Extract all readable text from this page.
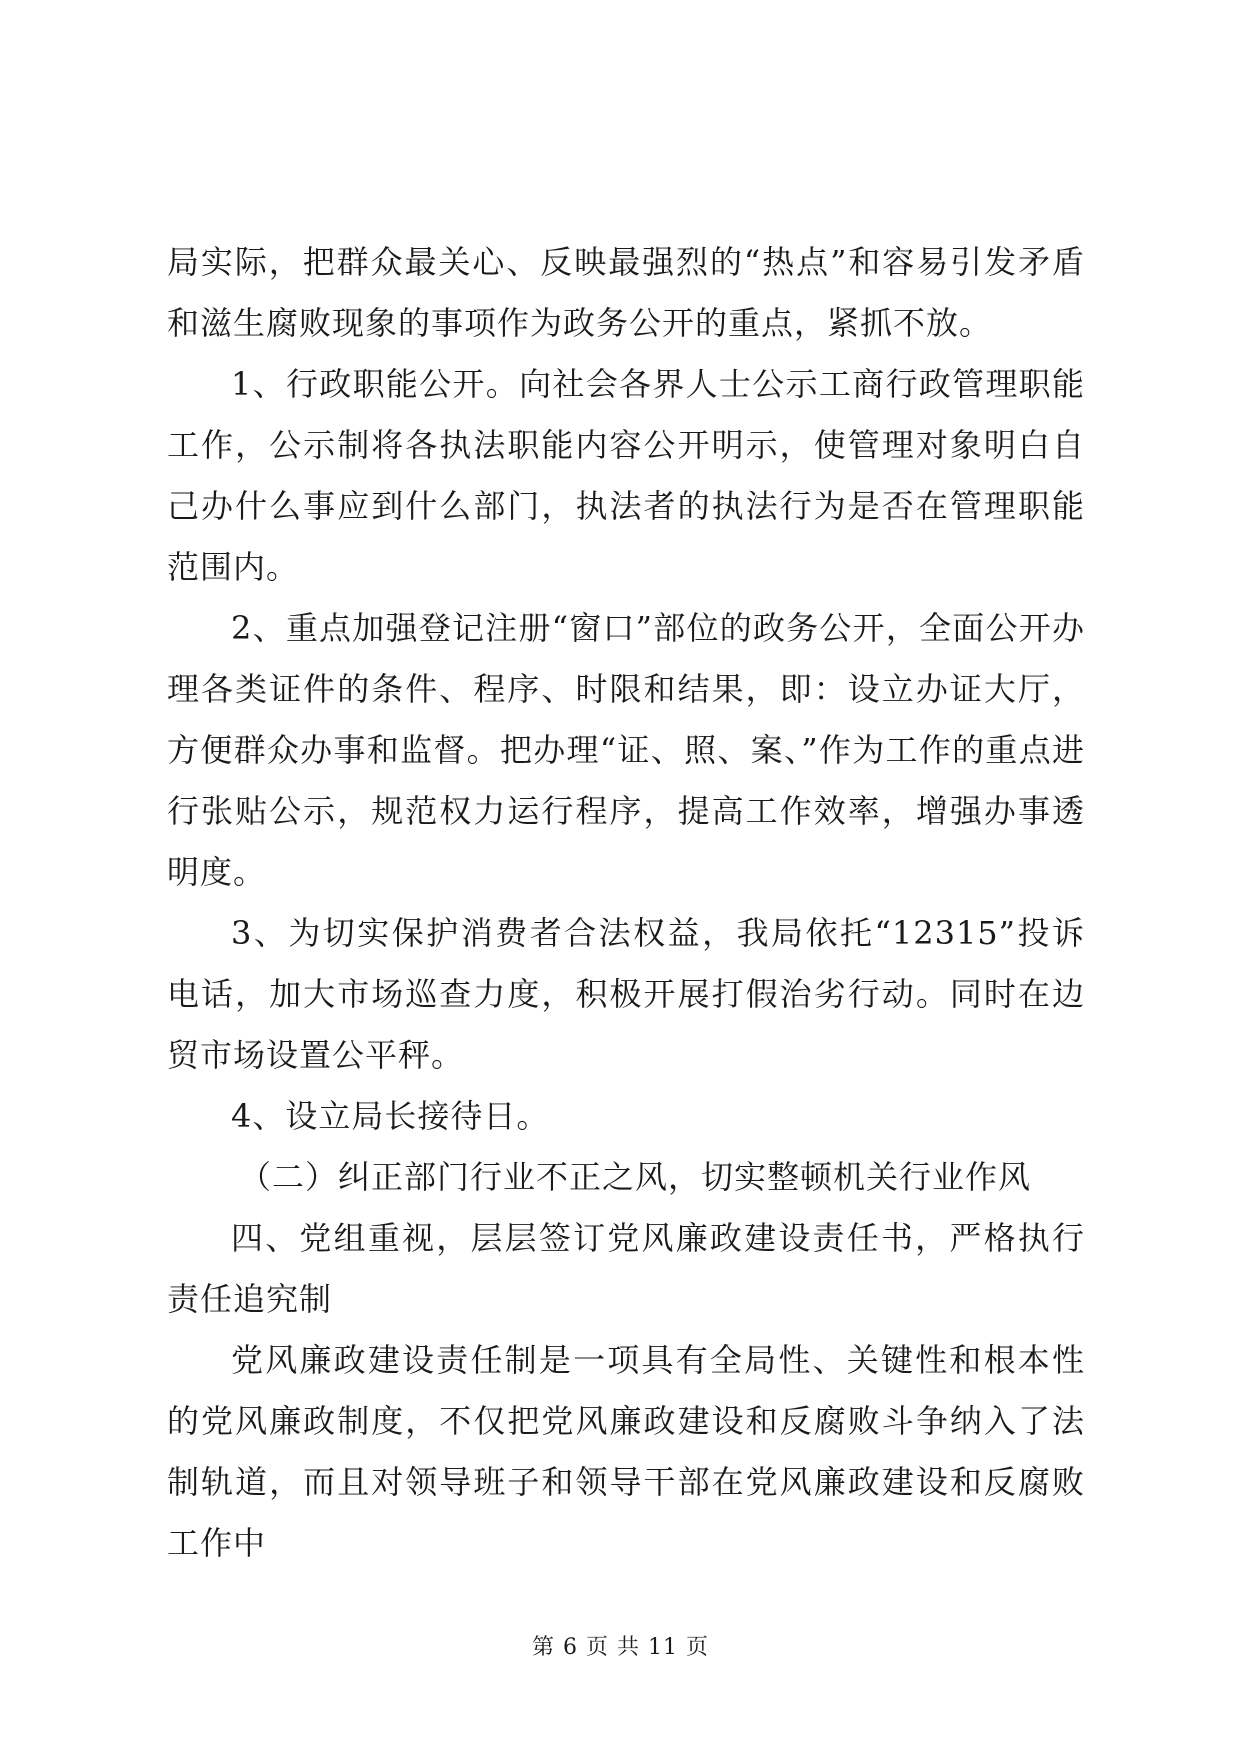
局实际，把群众最关心、反映最强烈的“热点”和容易引发矛盾和滋生腐败现象的事项作为政务公开的重点，紧抓不放。

1、行政职能公开。向社会各界人士公示工商行政管理职能工作，公示制将各执法职能内容公开明示，使管理对象明白自己办什么事应到什么部门，执法者的执法行为是否在管理职能范围内。

2、重点加强登记注册“窗口”部位的政务公开，全面公开办理各类证件的条件、程序、时限和结果，即：设立办证大厅，方便群众办事和监督。把办理“证、照、案、”作为工作的重点进行张贴公示，规范权力运行程序，提高工作效率，增强办事透明度。

3、为切实保护消费者合法权益，我局依托“12315”投诉电话，加大市场巡查力度，积极开展打假治劣行动。同时在边贸市场设置公平秤。

4、设立局长接待日。

（二）纠正部门行业不正之风，切实整顿机关行业作风

四、党组重视，层层签订党风廉政建设责任书，严格执行责任追究制

党风廉政建设责任制是一项具有全局性、关键性和根本性的党风廉政制度，不仅把党风廉政建设和反腐败斗争纳入了法制轨道，而且对领导班子和领导干部在党风廉政建设和反腐败工作中

第 6 页 共 11 页
